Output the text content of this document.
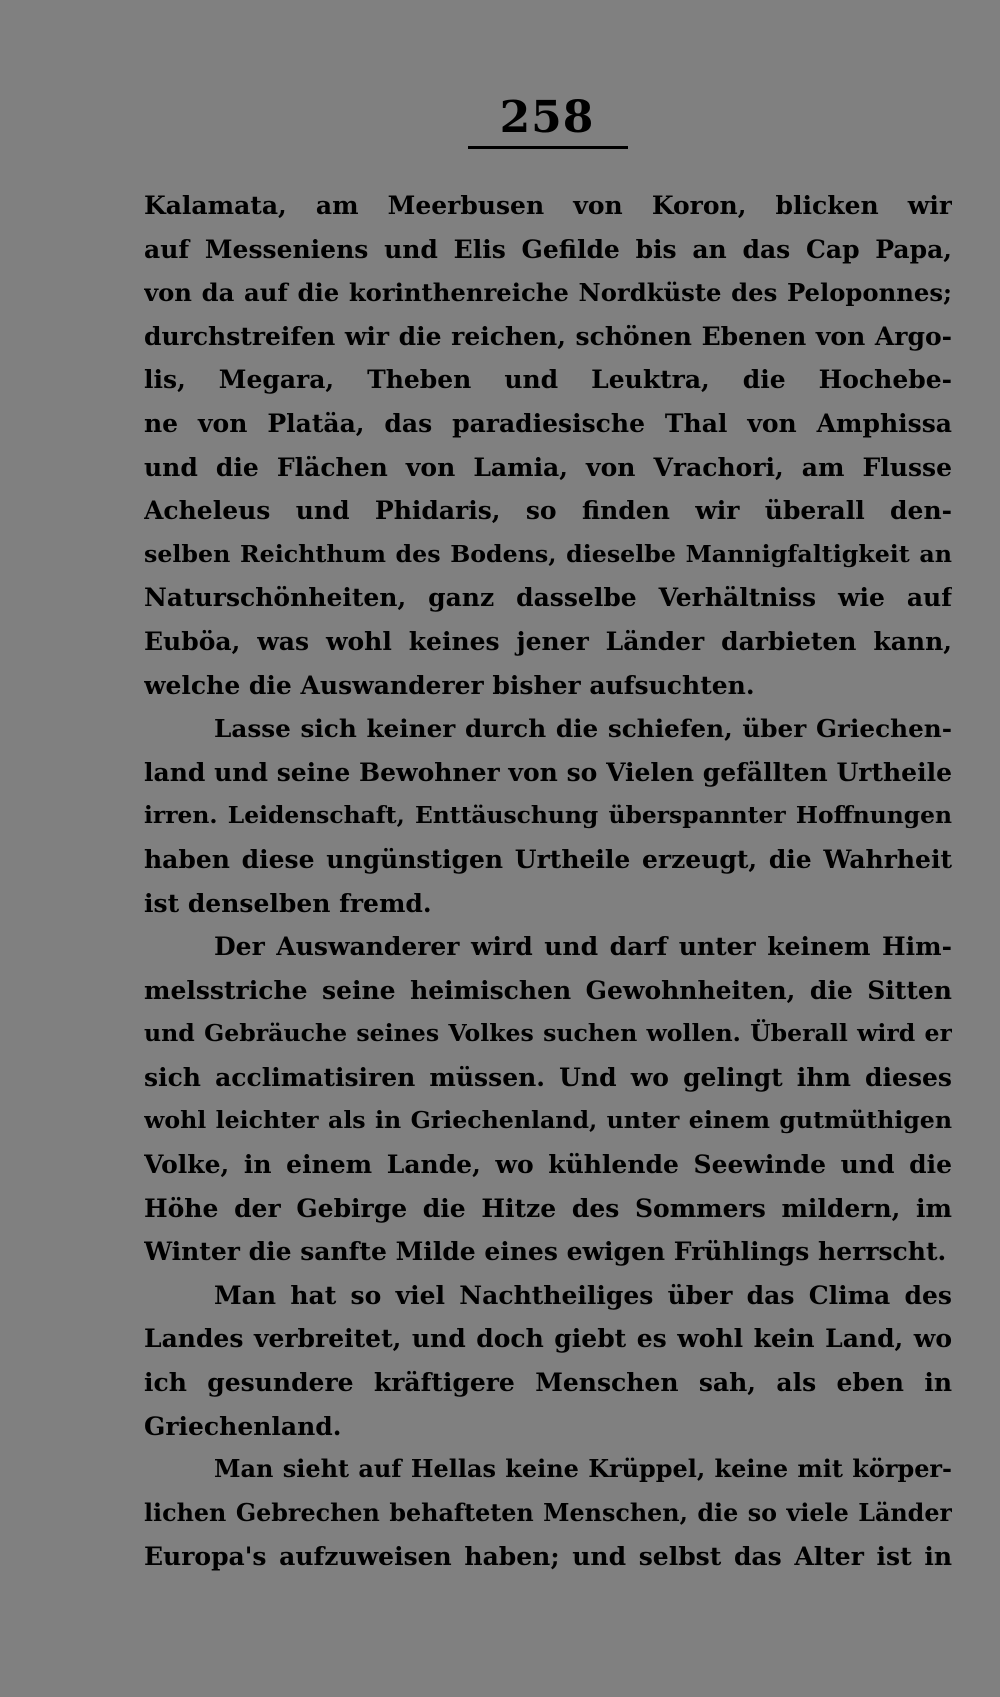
258
Kalamata, am Meerbusen von Koron, blicken wir
auf Messeniens und Elis Gefilde bis an das Cap Papa,
von da auf die korinthenreiche Nordküste des Peloponnes;
durchstreifen wir die reichen, schönen Ebenen von Argo-
lis, Megara, Theben und Leuktra, die Hochebe-
ne von Platäa, das paradiesische Thal von Amphissa
und die Flächen von Lamia, von Vrachori, am Flusse
Acheleus und Phidaris, so finden wir überall den-
selben Reichthum des Bodens, dieselbe Mannigfaltigkeit an
Naturschönheiten, ganz dasselbe Verhältniss wie auf
Euböa, was wohl keines jener Länder darbieten kann,
welche die Auswanderer bisher aufsuchten.
Lasse sich keiner durch die schiefen, über Griechen-
land und seine Bewohner von so Vielen gefällten Urtheile
irren. Leidenschaft, Enttäuschung überspannter Hoffnungen
haben diese ungünstigen Urtheile erzeugt, die Wahrheit
ist denselben fremd.
Der Auswanderer wird und darf unter keinem Him-
melsstriche seine heimischen Gewohnheiten, die Sitten
und Gebräuche seines Volkes suchen wollen. Überall wird er
sich acclimatisiren müssen. Und wo gelingt ihm dieses
wohl leichter als in Griechenland, unter einem gutmüthigen
Volke, in einem Lande, wo kühlende Seewinde und die
Höhe der Gebirge die Hitze des Sommers mildern, im
Winter die sanfte Milde eines ewigen Frühlings herrscht.
Man hat so viel Nachtheiliges über das Clima des
Landes verbreitet, und doch giebt es wohl kein Land, wo
ich gesundere kräftigere Menschen sah, als eben in
Griechenland.
Man sieht auf Hellas keine Krüppel, keine mit körper-
lichen Gebrechen behafteten Menschen, die so viele Länder
Europa's aufzuweisen haben; und selbst das Alter ist in
